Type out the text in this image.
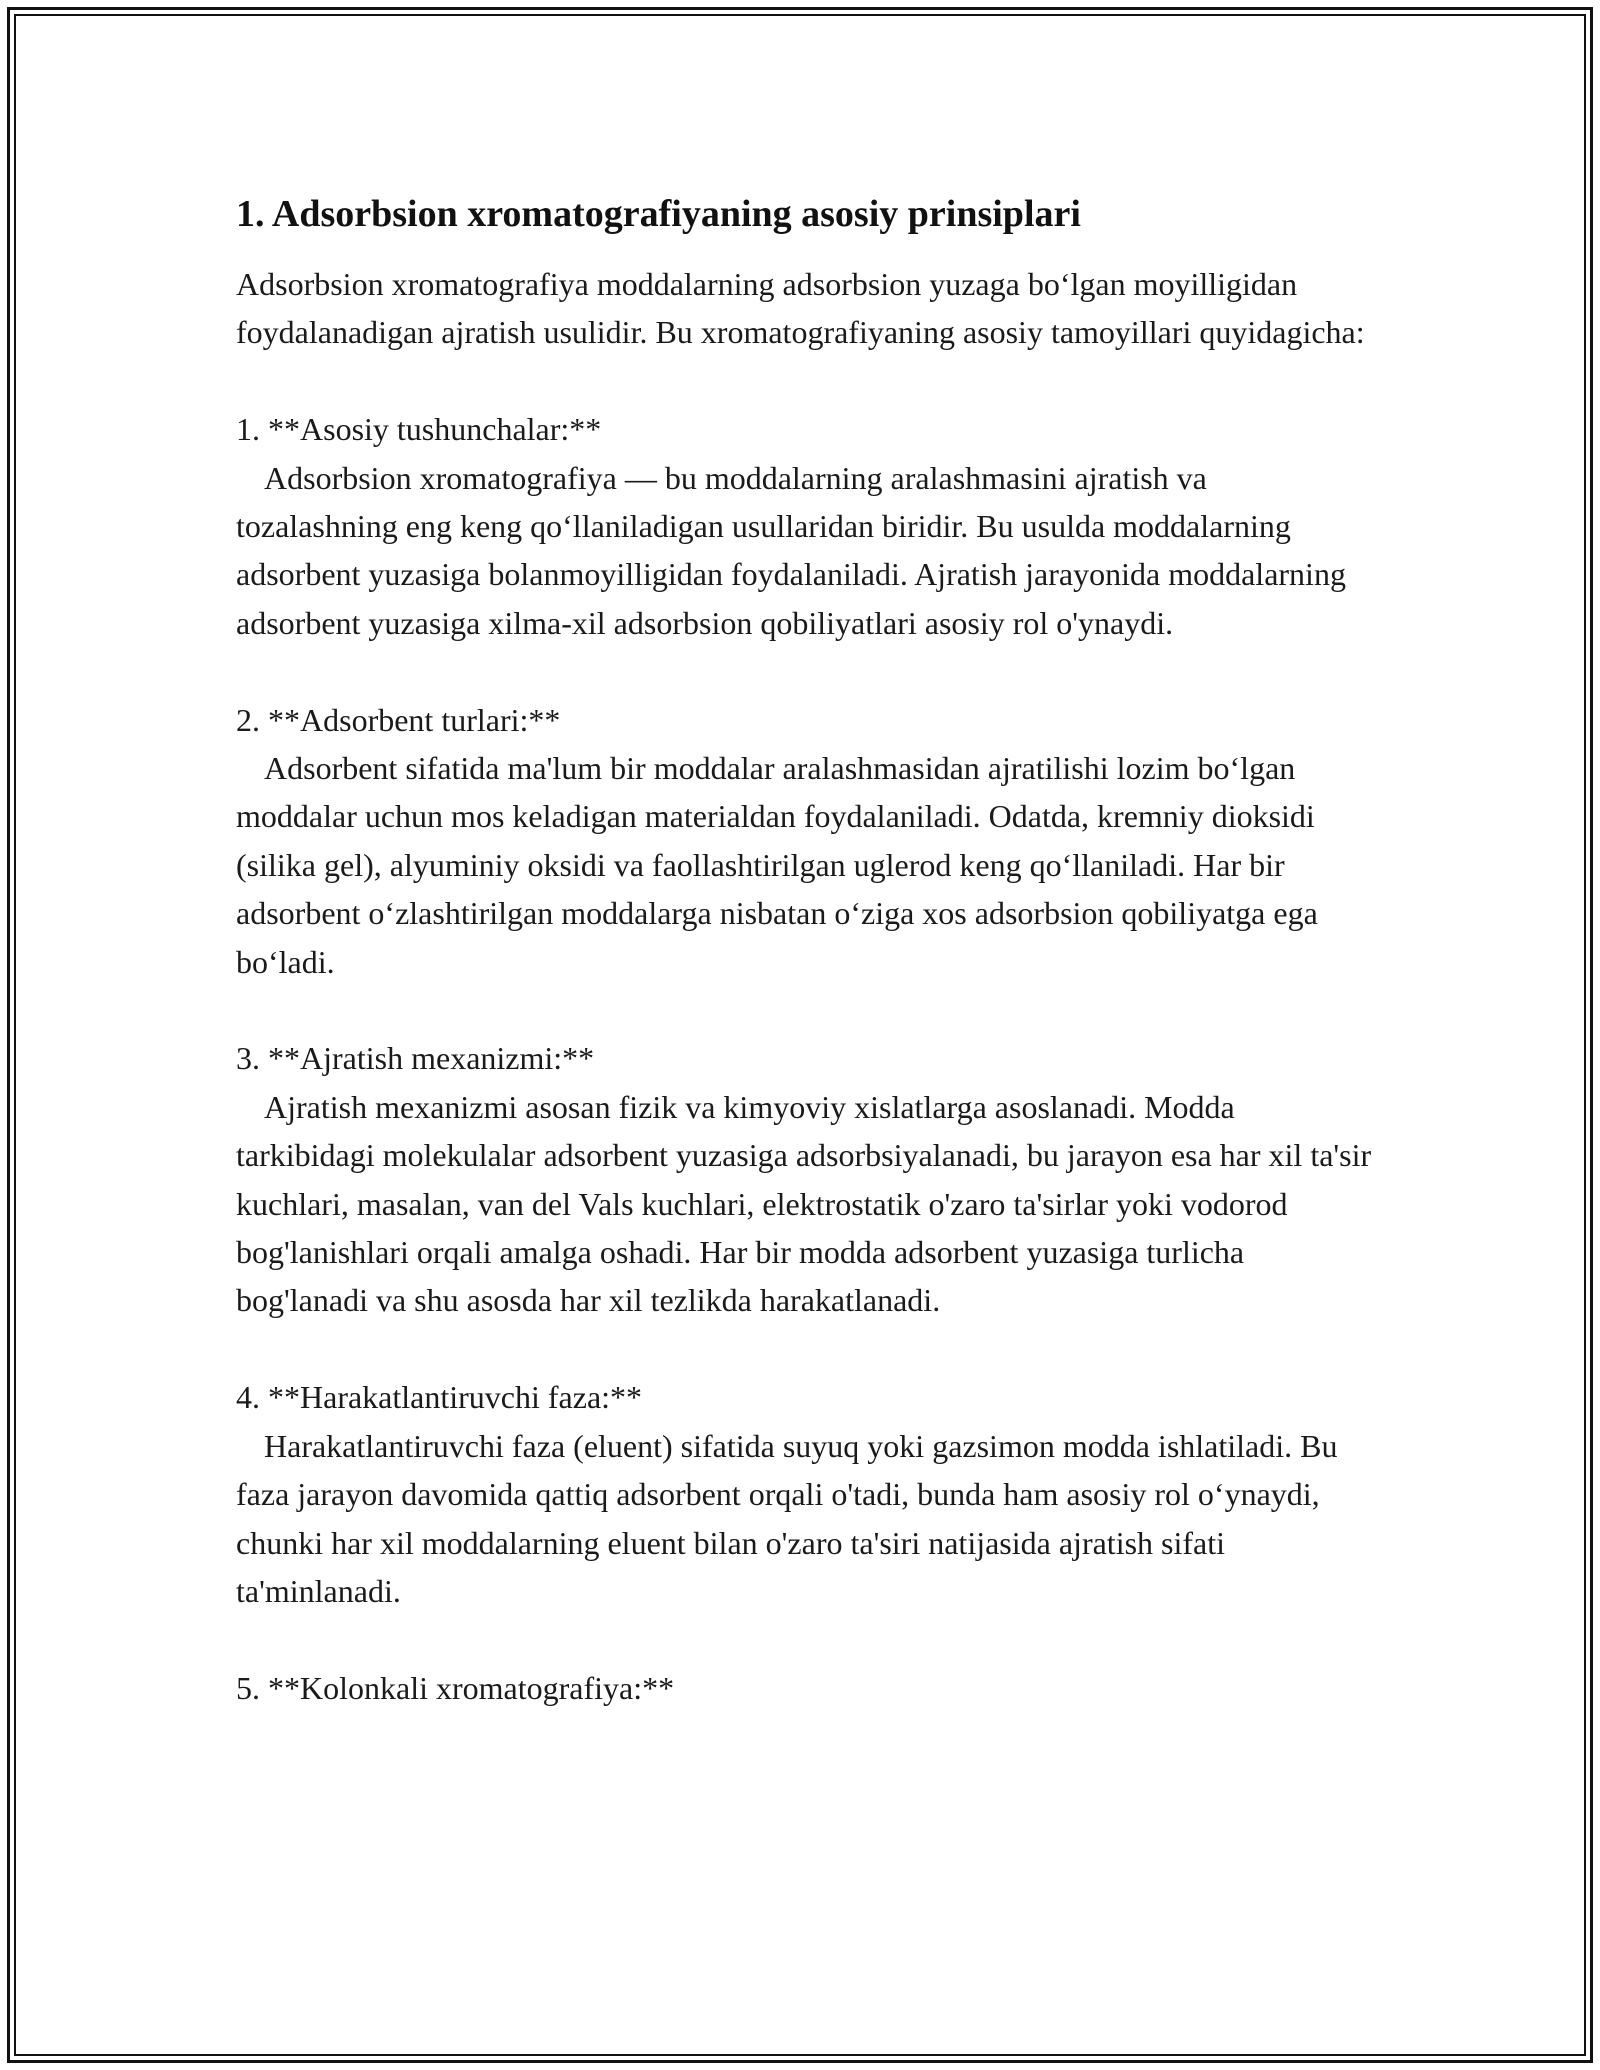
1. Adsorbsion xromatografiyaning asosiy prinsiplari

Adsorbsion xromatografiya moddalarning adsorbsion yuzaga bo‘lgan moyilligidan foydalanadigan ajratish usulidir. Bu xromatografiyaning asosiy tamoyillari quyidagicha:

1. **Asosiy tushunchalar:**

Adsorbsion xromatografiya — bu moddalarning aralashmasini ajratish va tozalashning eng keng qo‘llaniladigan usullaridan biridir. Bu usulda moddalarning adsorbent yuzasiga bolanmoyilligidan foydalaniladi. Ajratish jarayonida moddalarning adsorbent yuzasiga xilma-xil adsorbsion qobiliyatlari asosiy rol o'ynaydi.

2. **Adsorbent turlari:**

Adsorbent sifatida ma'lum bir moddalar aralashmasidan ajratilishi lozim bo‘lgan moddalar uchun mos keladigan materialdan foydalaniladi. Odatda, kremniy dioksidi (silika gel), alyuminiy oksidi va faollashtirilgan uglerod keng qo‘llaniladi. Har bir adsorbent o‘zlashtirilgan moddalarga nisbatan o‘ziga xos adsorbsion qobiliyatga ega bo‘ladi.

3. **Ajratish mexanizmi:**

Ajratish mexanizmi asosan fizik va kimyoviy xislatlarga asoslanadi. Modda tarkibidagi molekulalar adsorbent yuzasiga adsorbsiyalanadi, bu jarayon esa har xil ta'sir kuchlari, masalan, van del Vals kuchlari, elektrostatik o'zaro ta'sirlar yoki vodorod bog'lanishlari orqali amalga oshadi. Har bir modda adsorbent yuzasiga turlicha bog'lanadi va shu asosda har xil tezlikda harakatlanadi.

4. **Harakatlantiruvchi faza:**

Harakatlantiruvchi faza (eluent) sifatida suyuq yoki gazsimon modda ishlatiladi. Bu faza jarayon davomida qattiq adsorbent orqali o'tadi, bunda ham asosiy rol o‘ynaydi, chunki har xil moddalarning eluent bilan o'zaro ta'siri natijasida ajratish sifati ta'minlanadi.

5. **Kolonkali xromatografiya:**
